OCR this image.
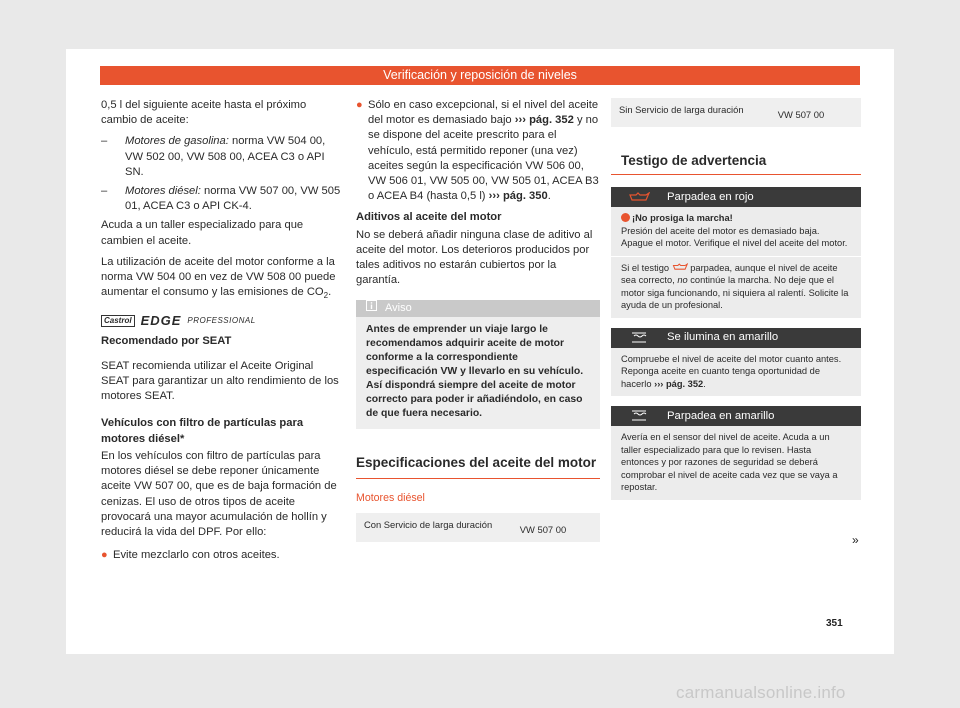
Verificación y reposición de niveles

0,5 l del siguiente aceite hasta el próximo cambio de aceite:

– Motores de gasolina: norma VW 504 00, VW 502 00, VW 508 00, ACEA C3 o API SN.
– Motores diésel: norma VW 507 00, VW 505 01, ACEA C3 o API CK-4.

Acuda a un taller especializado para que cambien el aceite.

La utilización de aceite del motor conforme a la norma VW 504 00 en vez de VW 508 00 puede aumentar el consumo y las emisiones de $CO_2$.

Castrol EDGE PROFESSIONAL

Recomendado por SEAT

SEAT recomienda utilizar el Aceite Original SEAT para garantizar un alto rendimiento de los motores SEAT.

Vehículos con filtro de partículas para motores diésel*

En los vehículos con filtro de partículas para motores diésel se debe reponer únicamente aceite VW 507 00, que es de baja formación de cenizas. El uso de otros tipos de aceite provocará una mayor acumulación de hollín y reducirá la vida del DPF. Por ello:

● Evite mezclarlo con otros aceites.
● Sólo en caso excepcional, si el nivel del aceite del motor es demasiado bajo ››› pág. 352 y no se dispone del aceite prescrito para el vehículo, está permitido reponer (una vez) aceites según la especificación VW 506 00, VW 506 01, VW 505 00, VW 505 01, ACEA B3 o ACEA B4 (hasta 0,5 l) ››› pág. 350.

Aditivos al aceite del motor

No se deberá añadir ninguna clase de aditivo al aceite del motor. Los deterioros producidos por tales aditivos no estarán cubiertos por la garantía.

Aviso
Antes de emprender un viaje largo le recomendamos adquirir aceite de motor conforme a la correspondiente especificación VW y llevarlo en su vehículo. Así dispondrá siempre del aceite de motor correcto para poder ir añadiéndolo, en caso de que fuera necesario.
Especificaciones del aceite del motor
Motores diésel
Con Servicio de larga duración	VW 507 00
Sin Servicio de larga duración	VW 507 00
Testigo de advertencia
Parpadea en rojo
¡No prosiga la marcha!
Presión del aceite del motor es demasiado baja. Apague el motor. Verifique el nivel del aceite del motor.
Si el testigo parpadea, aunque el nivel de aceite sea correcto, no continúe la marcha. No deje que el motor siga funcionando, ni siquiera al ralentí. Solicite la ayuda de un profesional.
Se ilumina en amarillo
Compruebe el nivel de aceite del motor cuanto antes.
Reponga aceite en cuanto tenga oportunidad de hacerlo ››› pág. 352.
Parpadea en amarillo
Avería en el sensor del nivel de aceite. Acuda a un taller especializado para que lo revisen. Hasta entonces y por razones de seguridad se deberá comprobar el nivel de aceite cada vez que se vaya a repostar.
»
351
carmanualsonline.info
